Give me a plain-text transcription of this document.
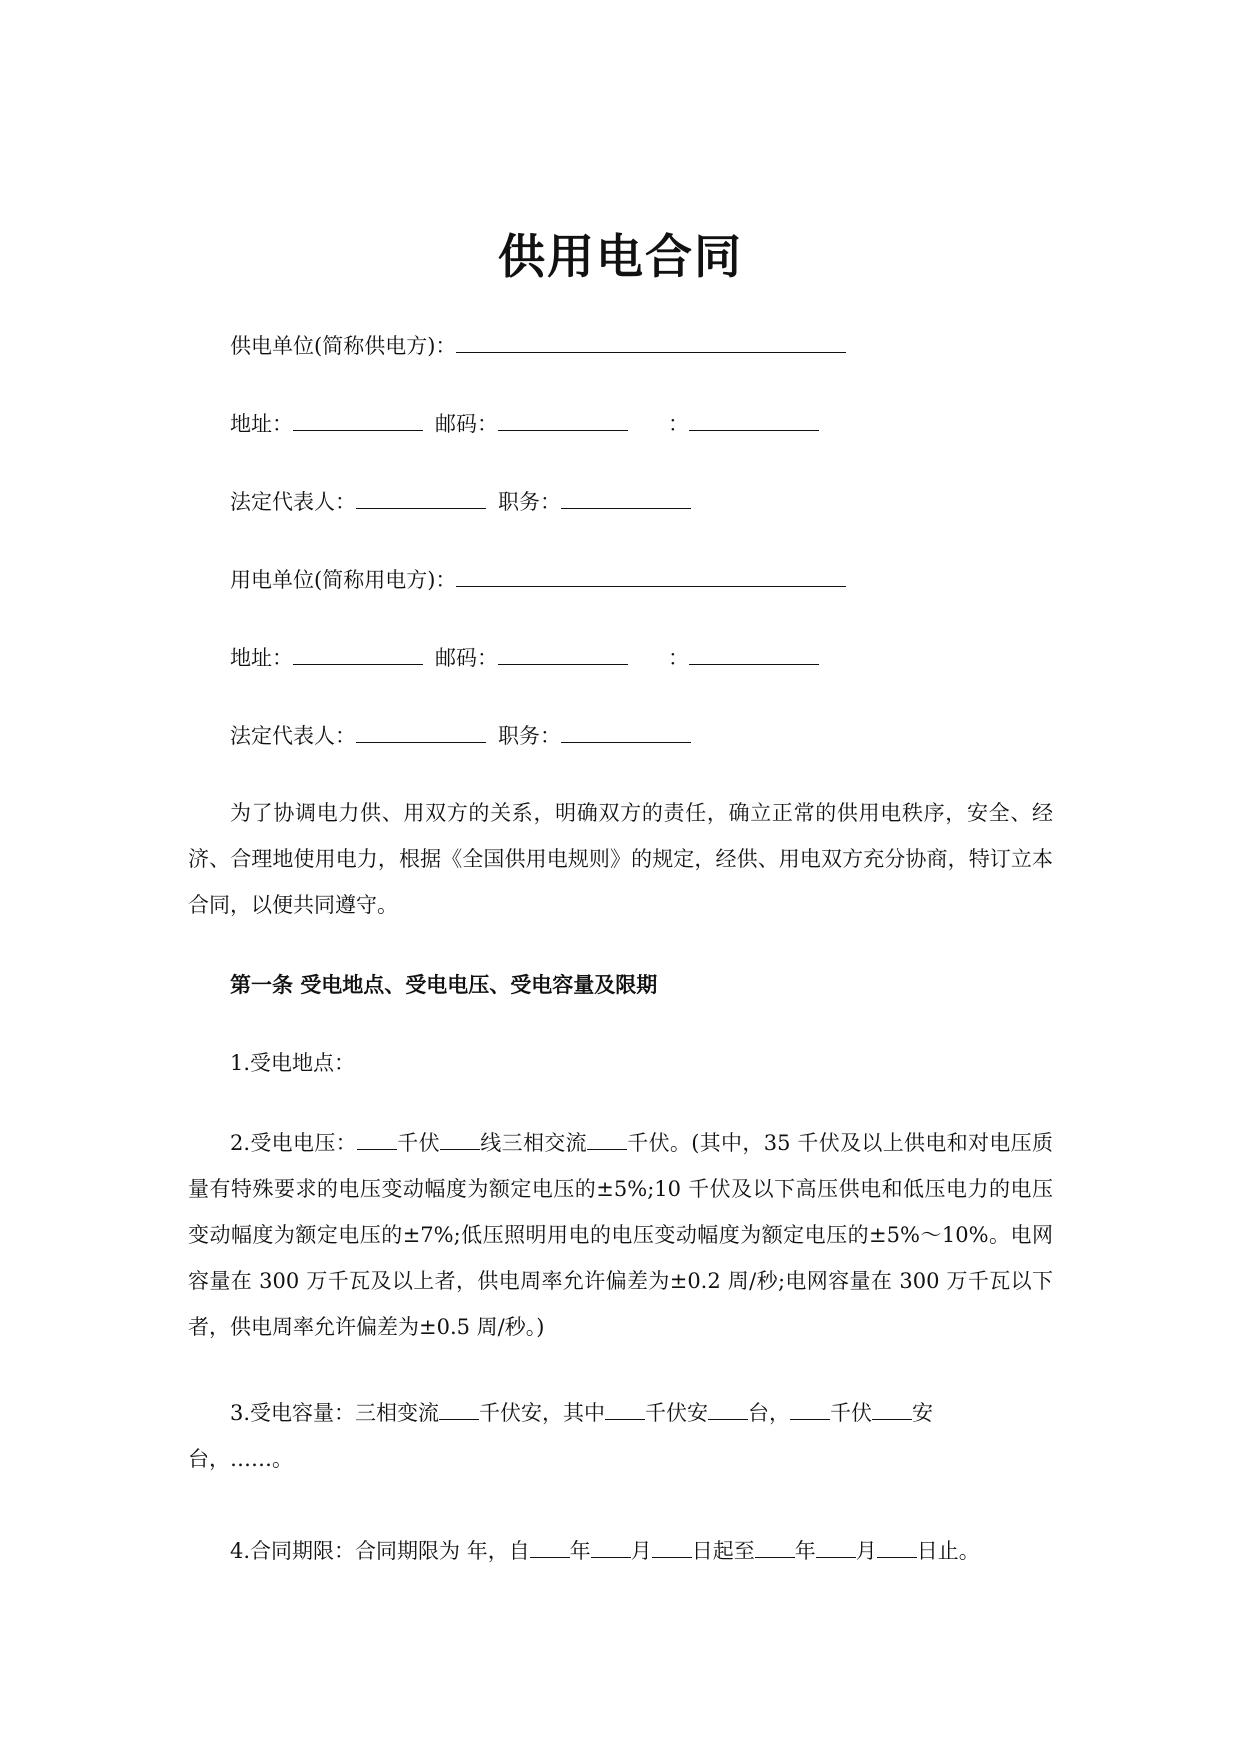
供用电合同
供电单位(简称供电方)：
地址：	邮码：	：
法定代表人：	职务：
用电单位(简称用电方)：
地址：	邮码：	：
法定代表人：	职务：
为了协调电力供、用双方的关系，明确双方的责任，确立正常的供用电秩序，安全、经济、合理地使用电力，根据《全国供用电规则》的规定，经供、用电双方充分协商，特订立本合同，以便共同遵守。
第一条 受电地点、受电电压、受电容量及限期
1.受电地点：
2.受电电压： 千伏 线三相交流 千伏。(其中，35 千伏及以上供电和对电压质量有特殊要求的电压变动幅度为额定电压的±5%;10 千伏及以下高压供电和低压电力的电压变动幅度为额定电压的±7%;低压照明用电的电压变动幅度为额定电压的±5%～10%。电网容量在 300 万千瓦及以上者，供电周率允许偏差为±0.2 周/秒;电网容量在 300 万千瓦以下者，供电周率允许偏差为±0.5 周/秒。)
3.受电容量：三相变流 千伏安，其中 千伏安 台， 千伏 安
台，……。
4.合同期限：合同期限为 年，自 年 月 日起至 年 月 日止。
